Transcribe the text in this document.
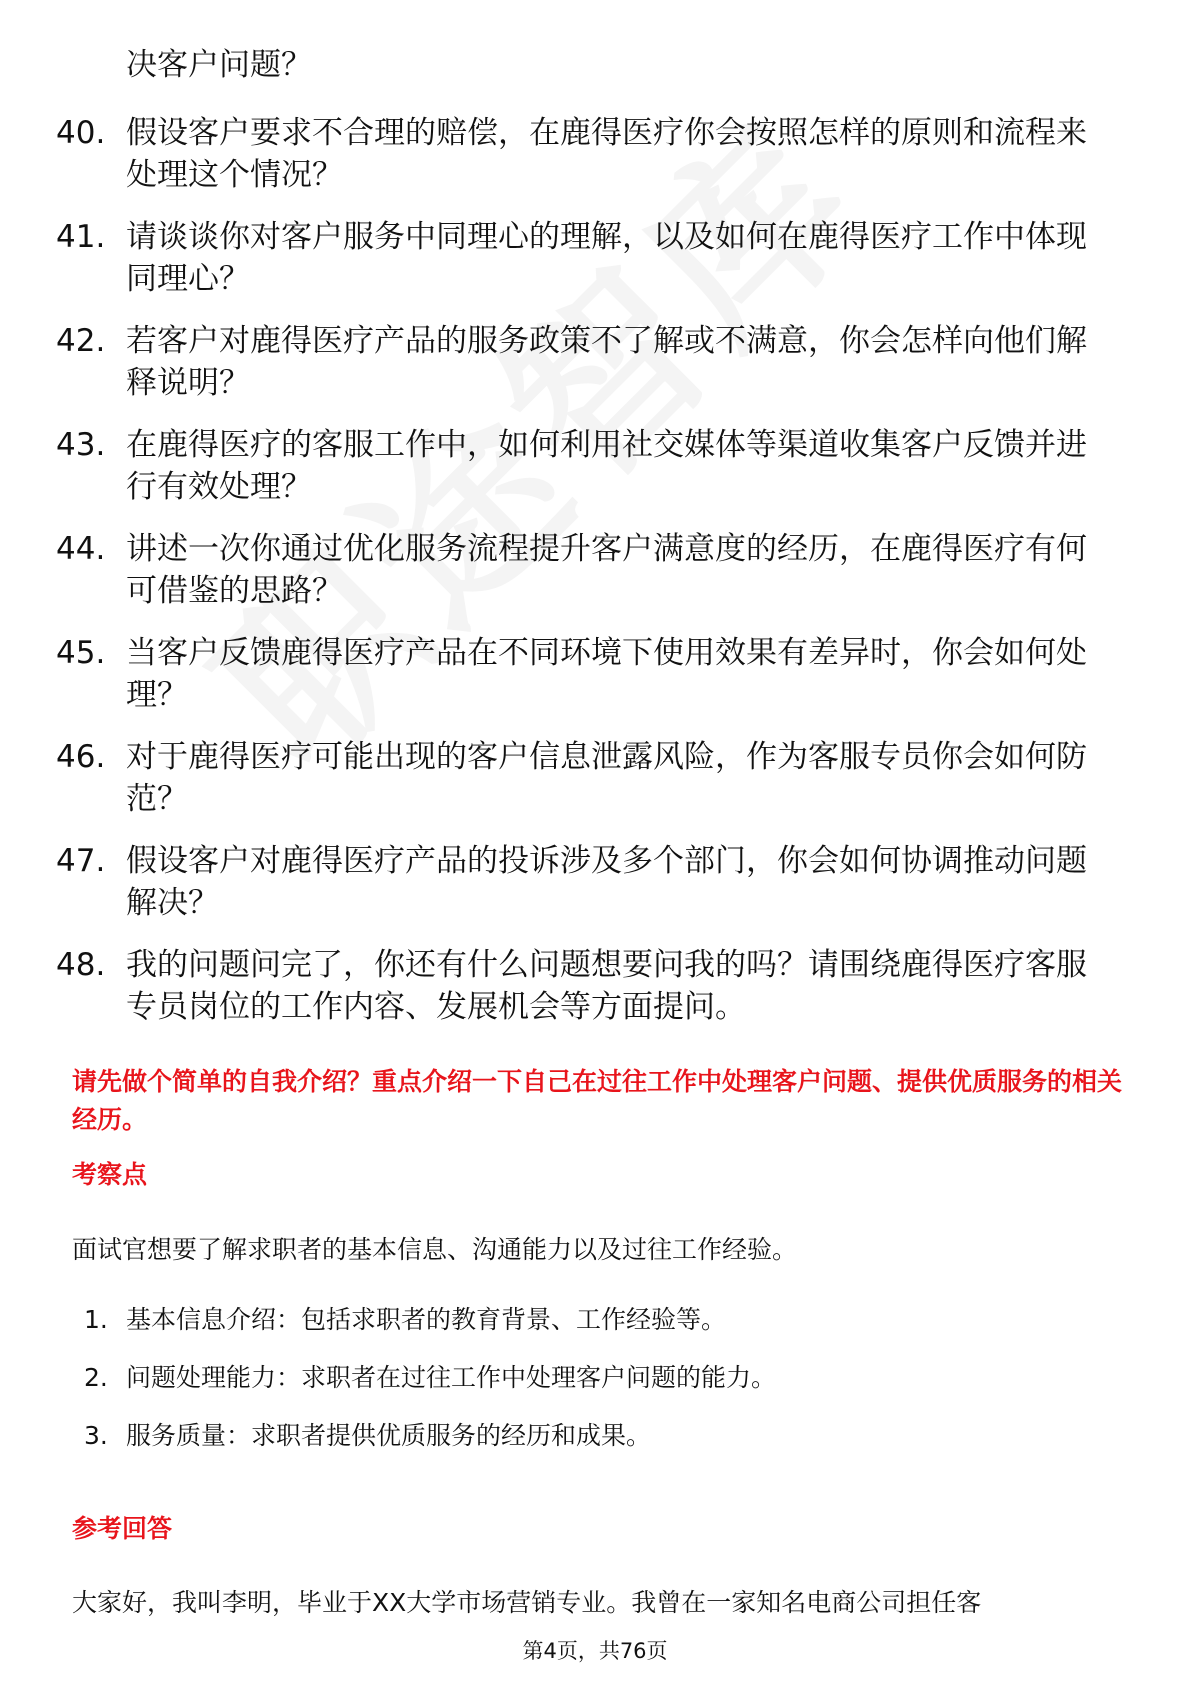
决客户问题？
40. 假设客户要求不合理的赔偿，在鹿得医疗你会按照怎样的原则和流程来处理这个情况？
41. 请谈谈你对客户服务中同理心的理解，以及如何在鹿得医疗工作中体现同理心？
42. 若客户对鹿得医疗产品的服务政策不了解或不满意，你会怎样向他们解释说明？
43. 在鹿得医疗的客服工作中，如何利用社交媒体等渠道收集客户反馈并进行有效处理？
44. 讲述一次你通过优化服务流程提升客户满意度的经历，在鹿得医疗有何可借鉴的思路？
45. 当客户反馈鹿得医疗产品在不同环境下使用效果有差异时，你会如何处理？
46. 对于鹿得医疗可能出现的客户信息泄露风险，作为客服专员你会如何防范？
47. 假设客户对鹿得医疗产品的投诉涉及多个部门，你会如何协调推动问题解决？
48. 我的问题问完了，你还有什么问题想要问我的吗？请围绕鹿得医疗客服专员岗位的工作内容、发展机会等方面提问。
请先做个简单的自我介绍？重点介绍一下自己在过往工作中处理客户问题、提供优质服务的相关经历。
考察点
面试官想要了解求职者的基本信息、沟通能力以及过往工作经验。
1. 基本信息介绍：包括求职者的教育背景、工作经验等。
2. 问题处理能力：求职者在过往工作中处理客户问题的能力。
3. 服务质量：求职者提供优质服务的经历和成果。
参考回答
大家好，我叫李明，毕业于XX大学市场营销专业。我曾在一家知名电商公司担任客
第4页，共76页
